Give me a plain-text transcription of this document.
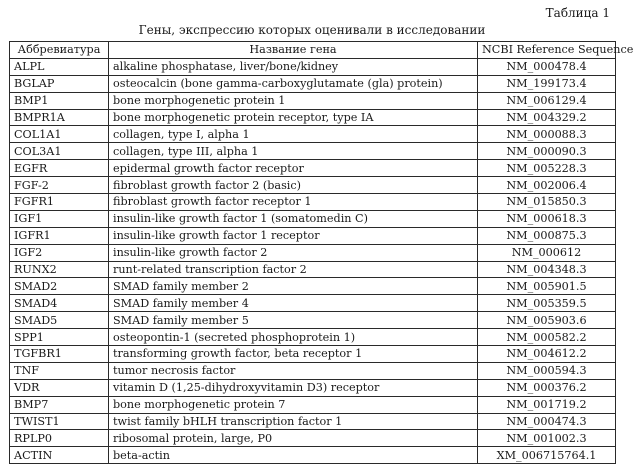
Таблица 1
Гены, экспрессию которых оценивали в исследовании
Аббревиатура	Название гена	NCBI Reference Sequence
ALPL	alkaline phosphatase, liver/bone/kidney	NM_000478.4
BGLAP	osteocalcin (bone gamma-carboxyglutamate (gla) protein)	NM_199173.4
BMP1	bone morphogenetic protein 1	NM_006129.4
BMPR1A	bone morphogenetic protein receptor, type IA	NM_004329.2
COL1A1	collagen, type I, alpha 1	NM_000088.3
COL3A1	collagen, type III, alpha 1	NM_000090.3
EGFR	epidermal growth factor receptor	NM_005228.3
FGF-2	fibroblast growth factor 2 (basic)	NM_002006.4
FGFR1	fibroblast growth factor receptor 1	NM_015850.3
IGF1	insulin-like growth factor 1 (somatomedin C)	NM_000618.3
IGFR1	insulin-like growth factor 1 receptor	NM_000875.3
IGF2	insulin-like growth factor 2	NM_000612
RUNX2	runt-related transcription factor 2	NM_004348.3
SMAD2	SMAD family member 2	NM_005901.5
SMAD4	SMAD family member 4	NM_005359.5
SMAD5	SMAD family member 5	NM_005903.6
SPP1	osteopontin-1 (secreted phosphoprotein 1)	NM_000582.2
TGFBR1	transforming growth factor, beta receptor 1	NM_004612.2
TNF	tumor necrosis factor	NM_000594.3
VDR	vitamin D (1,25-dihydroxyvitamin D3) receptor	NM_000376.2
BMP7	bone morphogenetic protein 7	NM_001719.2
TWIST1	twist family bHLH transcription factor 1	NM_000474.3
RPLP0	ribosomal protein, large, P0	NM_001002.3
ACTIN	beta-actin	XM_006715764.1
